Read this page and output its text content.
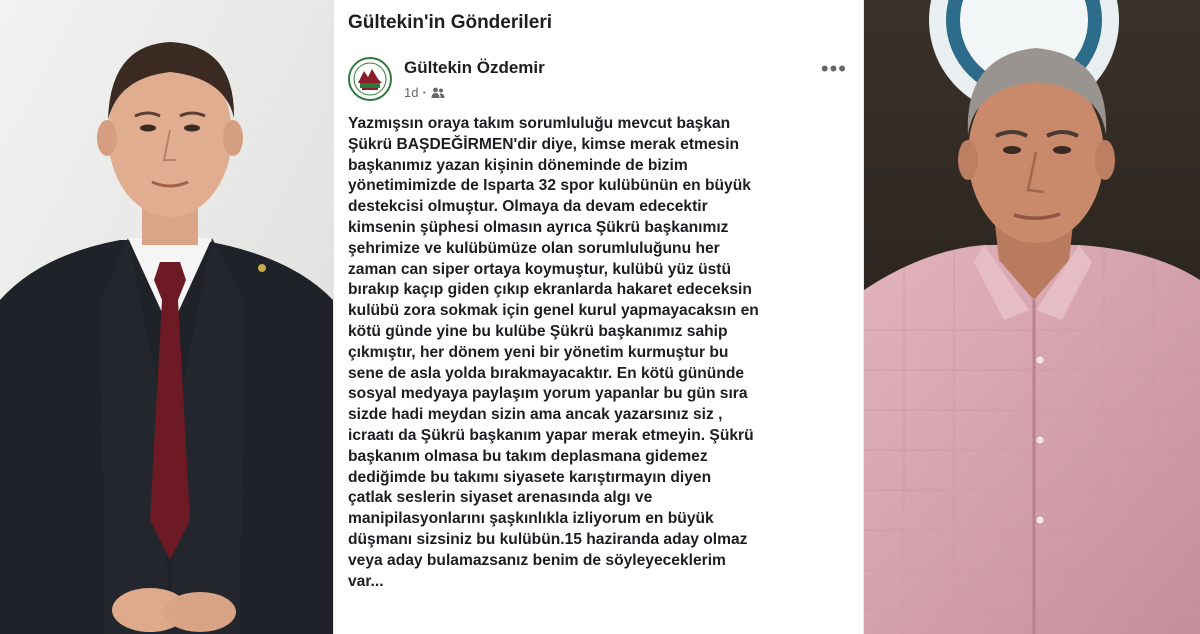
Gültekin'in Gönderileri
Gültekin Özdemir
1d ·
•••
Yazmışsın oraya takım sorumluluğu mevcut başkan
Şükrü BAŞDEĞİRMEN'dir diye, kimse merak etmesin
başkanımız yazan kişinin döneminde de bizim
yönetimimizde de Isparta 32 spor kulübünün en büyük
destekcisi olmuştur. Olmaya da devam edecektir
kimsenin şüphesi olmasın ayrıca Şükrü başkanımız
şehrimize ve kulübümüze olan sorumluluğunu her
zaman can siper ortaya koymuştur, kulübü yüz üstü
bırakıp kaçıp giden çıkıp ekranlarda hakaret edeceksin
kulübü zora sokmak için genel kurul yapmayacaksın en
kötü günde yine bu kulübe Şükrü başkanımız sahip
çıkmıştır, her dönem yeni bir yönetim kurmuştur bu
sene de asla yolda bırakmayacaktır. En kötü gününde
sosyal medyaya paylaşım yorum yapanlar bu gün sıra
sizde hadi meydan sizin ama ancak yazarsınız siz ,
icraatı da Şükrü başkanım yapar merak etmeyin. Şükrü
başkanım olmasa bu takım deplasmana gidemez
dediğimde bu takımı siyasete karıştırmayın diyen
çatlak seslerin siyaset arenasında algı ve
manipilasyonlarını şaşkınlıkla izliyorum en büyük
düşmanı sizsiniz bu kulübün.15 haziranda aday olmaz
veya aday bulamazsanız benim de söyleyeceklerim
var...
